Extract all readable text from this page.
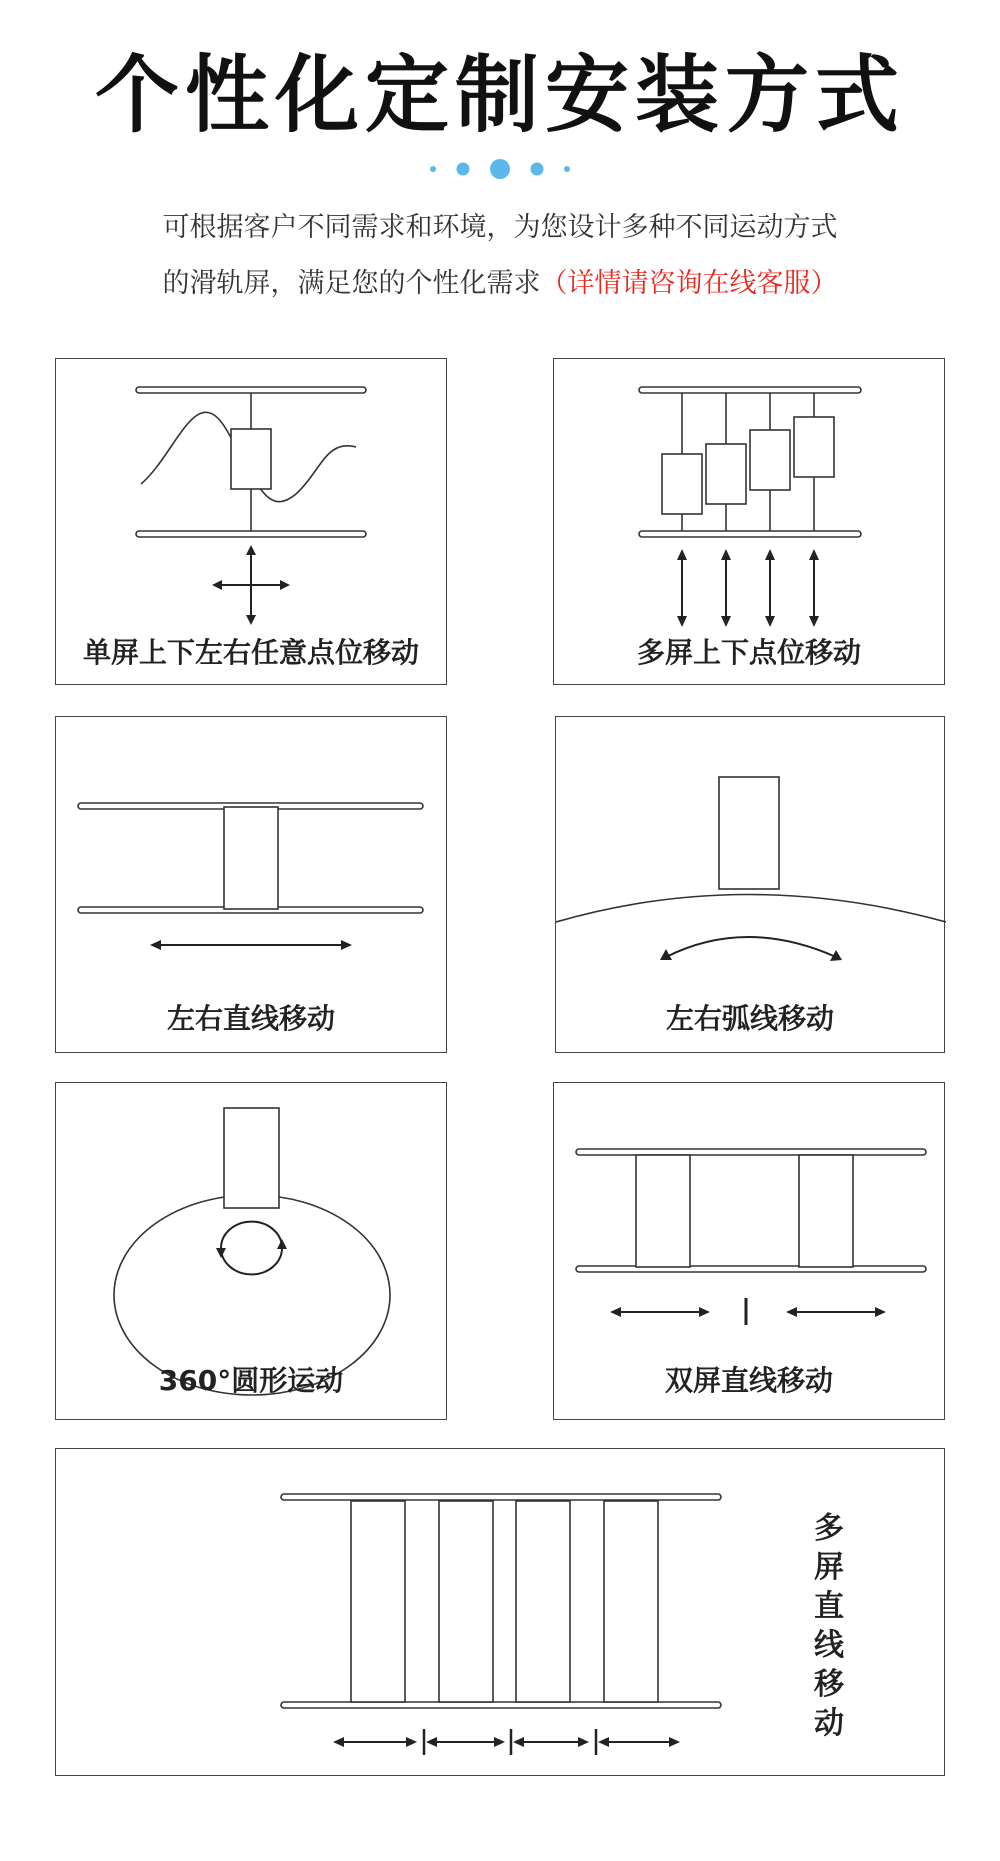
个性化定制安装方式
可根据客户不同需求和环境，为您设计多种不同运动方式
的滑轨屏，满足您的个性化需求（详情请咨询在线客服）
单屏上下左右任意点位移动	多屏上下点位移动
左右直线移动	左右弧线移动
360°圆形运动	双屏直线移动
多屏直线移动
